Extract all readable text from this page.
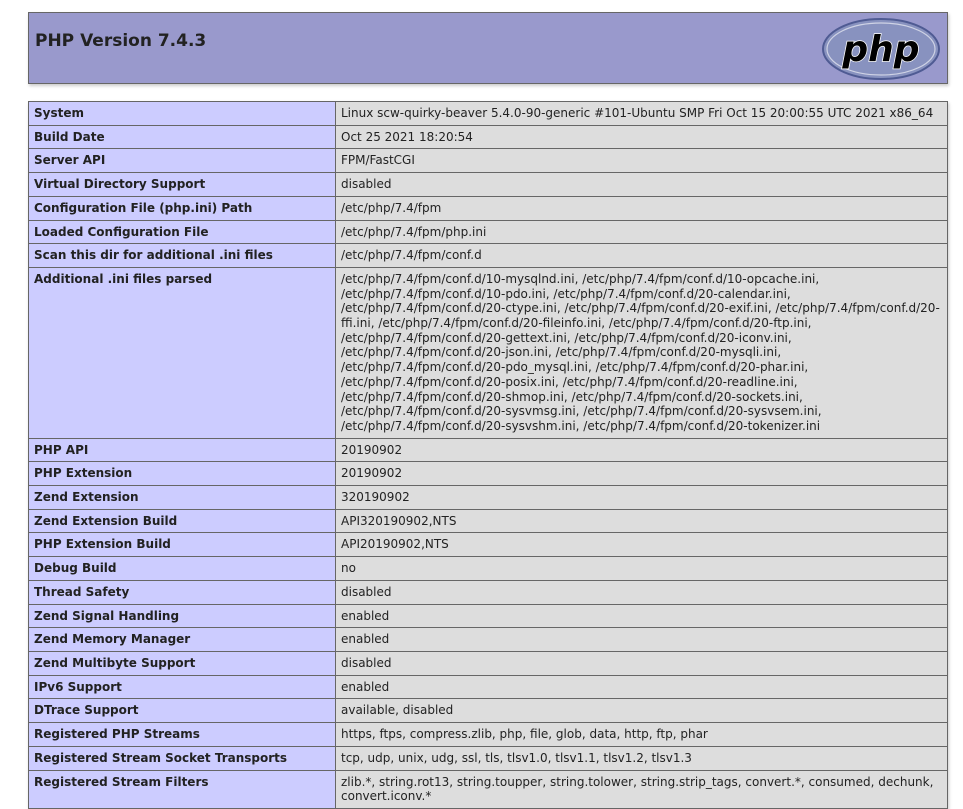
PHP Version 7.4.3	php
System	Linux scw-quirky-beaver 5.4.0-90-generic #101-Ubuntu SMP Fri Oct 15 20:00:55 UTC 2021 x86_64
Build Date	Oct 25 2021 18:20:54
Server API	FPM/FastCGI
Virtual Directory Support	disabled
Configuration File (php.ini) Path	/etc/php/7.4/fpm
Loaded Configuration File	/etc/php/7.4/fpm/php.ini
Scan this dir for additional .ini files	/etc/php/7.4/fpm/conf.d
Additional .ini files parsed	/etc/php/7.4/fpm/conf.d/10-mysqlnd.ini, /etc/php/7.4/fpm/conf.d/10-opcache.ini, /etc/php/7.4/fpm/conf.d/10-pdo.ini, /etc/php/7.4/fpm/conf.d/20-calendar.ini, /etc/php/7.4/fpm/conf.d/20-ctype.ini, /etc/php/7.4/fpm/conf.d/20-exif.ini, /etc/php/7.4/fpm/conf.d/20-ffi.ini, /etc/php/7.4/fpm/conf.d/20-fileinfo.ini, /etc/php/7.4/fpm/conf.d/20-ftp.ini, /etc/php/7.4/fpm/conf.d/20-gettext.ini, /etc/php/7.4/fpm/conf.d/20-iconv.ini, /etc/php/7.4/fpm/conf.d/20-json.ini, /etc/php/7.4/fpm/conf.d/20-mysqli.ini, /etc/php/7.4/fpm/conf.d/20-pdo_mysql.ini, /etc/php/7.4/fpm/conf.d/20-phar.ini, /etc/php/7.4/fpm/conf.d/20-posix.ini, /etc/php/7.4/fpm/conf.d/20-readline.ini, /etc/php/7.4/fpm/conf.d/20-shmop.ini, /etc/php/7.4/fpm/conf.d/20-sockets.ini, /etc/php/7.4/fpm/conf.d/20-sysvmsg.ini, /etc/php/7.4/fpm/conf.d/20-sysvsem.ini, /etc/php/7.4/fpm/conf.d/20-sysvshm.ini, /etc/php/7.4/fpm/conf.d/20-tokenizer.ini
PHP API	20190902
PHP Extension	20190902
Zend Extension	320190902
Zend Extension Build	API320190902,NTS
PHP Extension Build	API20190902,NTS
Debug Build	no
Thread Safety	disabled
Zend Signal Handling	enabled
Zend Memory Manager	enabled
Zend Multibyte Support	disabled
IPv6 Support	enabled
DTrace Support	available, disabled
Registered PHP Streams	https, ftps, compress.zlib, php, file, glob, data, http, ftp, phar
Registered Stream Socket Transports	tcp, udp, unix, udg, ssl, tls, tlsv1.0, tlsv1.1, tlsv1.2, tlsv1.3
Registered Stream Filters	zlib.*, string.rot13, string.toupper, string.tolower, string.strip_tags, convert.*, consumed, dechunk, convert.iconv.*
